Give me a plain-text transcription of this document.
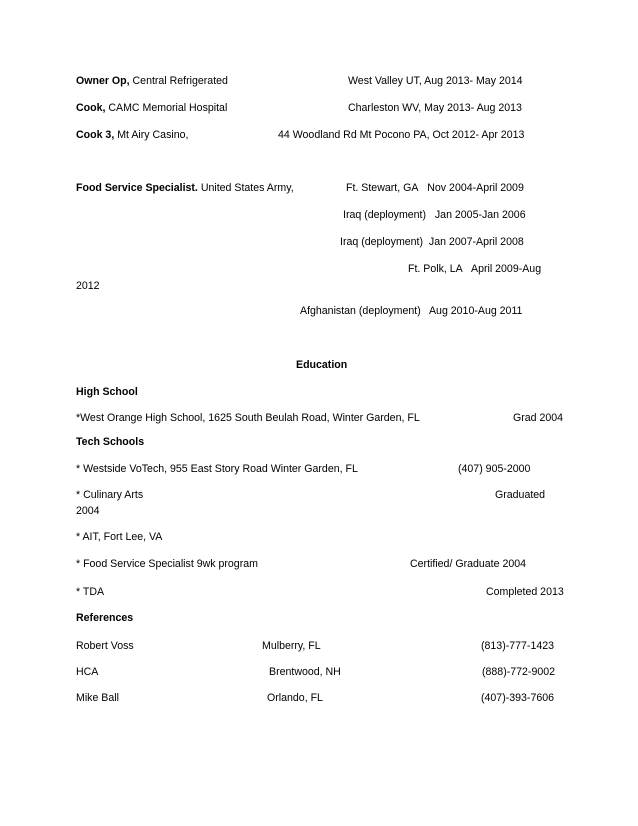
Owner Op, Central Refrigerated	West Valley UT, Aug 2013- May 2014
Cook, CAMC Memorial Hospital	Charleston WV, May 2013- Aug 2013
Cook 3, Mt Airy Casino,	44 Woodland Rd Mt Pocono PA, Oct 2012- Apr 2013
Food Service Specialist. United States Army,	Ft. Stewart, GA Nov 2004-April 2009
Iraq (deployment) Jan 2005-Jan 2006
Iraq (deployment) Jan 2007-April 2008
Ft. Polk, LA April 2009-Aug
2012
Afghanistan (deployment) Aug 2010-Aug 2011
Education
High School
*West Orange High School, 1625 South Beulah Road, Winter Garden, FL	Grad 2004
Tech Schools
* Westside VoTech, 955 East Story Road Winter Garden, FL	(407) 905-2000
* Culinary Arts	Graduated
2004
* AIT, Fort Lee, VA
* Food Service Specialist 9wk program	Certified/ Graduate 2004
* TDA	Completed 2013
References
Robert Voss	Mulberry, FL	(813)-777-1423
HCA	Brentwood, NH	(888)-772-9002
Mike Ball	Orlando, FL	(407)-393-7606
